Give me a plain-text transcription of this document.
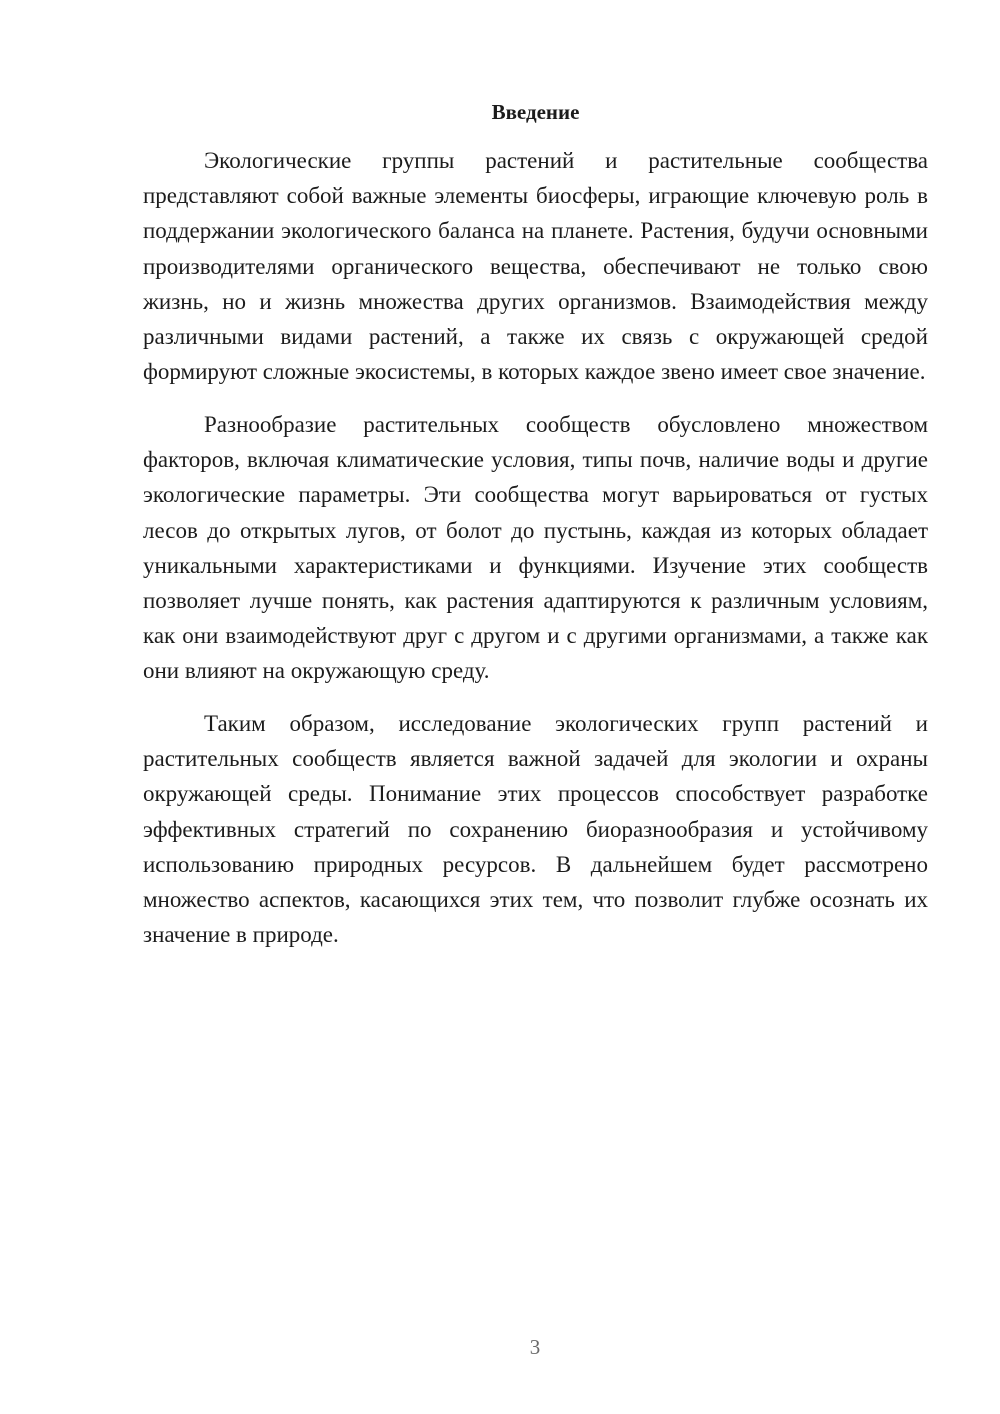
Введение

Экологические группы растений и растительные сообщества представляют собой важные элементы биосферы, играющие ключевую роль в поддержании экологического баланса на планете. Растения, будучи основными производителями органического вещества, обеспечивают не только свою жизнь, но и жизнь множества других организмов. Взаимодействия между различными видами растений, а также их связь с окружающей средой формируют сложные экосистемы, в которых каждое звено имеет свое значение.

Разнообразие растительных сообществ обусловлено множеством факторов, включая климатические условия, типы почв, наличие воды и другие экологические параметры. Эти сообщества могут варьироваться от густых лесов до открытых лугов, от болот до пустынь, каждая из которых обладает уникальными характеристиками и функциями. Изучение этих сообществ позволяет лучше понять, как растения адаптируются к различным условиям, как они взаимодействуют друг с другом и с другими организмами, а также как они влияют на окружающую среду.

Таким образом, исследование экологических групп растений и растительных сообществ является важной задачей для экологии и охраны окружающей среды. Понимание этих процессов способствует разработке эффективных стратегий по сохранению биоразнообразия и устойчивому использованию природных ресурсов. В дальнейшем будет рассмотрено множество аспектов, касающихся этих тем, что позволит глубже осознать их значение в природе.

3
